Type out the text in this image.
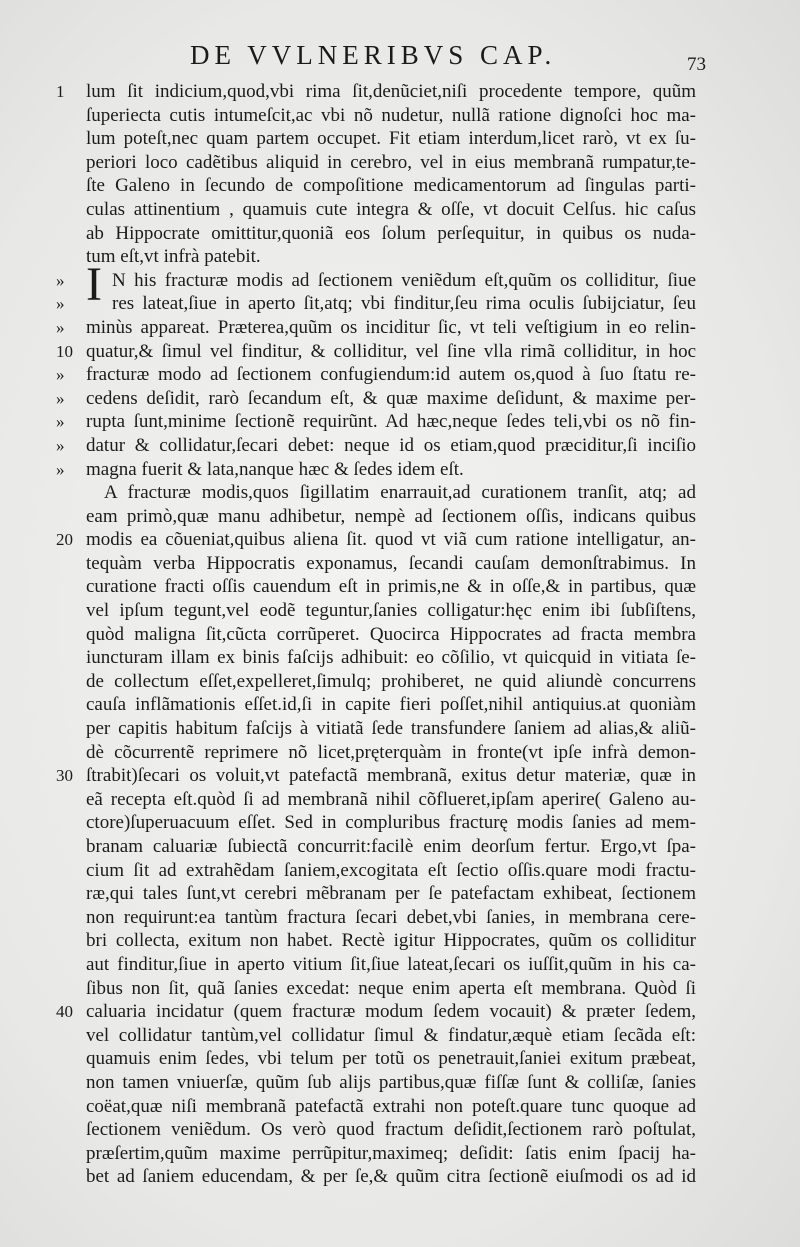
DE VVLNERIBVS CAP.	73
I
1	lum ſit indicium,quod,vbi rima ſit,denũciet,niſi procedente tempore, quũm
ſuperiecta cutis intumeſcit,ac vbi nõ nudetur, nullã ratione dignoſci hoc ma-
lum poteſt,nec quam partem occupet. Fit etiam interdum,licet rarò, vt ex ſu-
periori loco cadẽtibus aliquid in cerebro, vel in eius membranã rumpatur,te-
ſte Galeno in ſecundo de compoſitione medicamentorum ad ſingulas parti-
culas attinentium , quamuis cute integra & oſſe, vt docuit Celſus. hic caſus
ab Hippocrate omittitur,quoniã eos ſolum perſequitur, in quibus os nuda-
tum eſt,vt infrà patebit.
»	N his fracturæ modis ad ſectionem veniẽdum eſt,quũm os colliditur, ſiue
»	res lateat,ſiue in aperto ſit,atq; vbi finditur,ſeu rima oculis ſubijciatur, ſeu
»	minùs appareat. Præterea,quũm os inciditur ſic, vt teli veſtigium in eo relin-
10 quatur,& ſimul vel finditur, & colliditur, vel ſine vlla rimã colliditur, in hoc
»	fracturæ modo ad ſectionem confugiendum:id autem os,quod à ſuo ſtatu re-
»	cedens deſidit, rarò ſecandum eſt, & quæ maxime deſidunt, & maxime per-
»	rupta ſunt,minime ſectionẽ requirũnt. Ad hæc,neque ſedes teli,vbi os nõ fin-
»	datur & collidatur,ſecari debet: neque id os etiam,quod præciditur,ſi inciſio
»	magna fuerit & lata,nanque hæc & ſedes idem eſt.
A fracturæ modis,quos ſigillatim enarrauit,ad curationem tranſit, atq; ad
eam primò,quæ manu adhibetur, nempè ad ſectionem oſſis, indicans quibus
20 modis ea cõueniat,quibus aliena ſit. quod vt viã cum ratione intelligatur, an-
tequàm verba Hippocratis exponamus, ſecandi cauſam demonſtrabimus. In
curatione fracti oſſis cauendum eſt in primis,ne & in oſſe,& in partibus, quæ
vel ipſum tegunt,vel eodẽ teguntur,ſanies colligatur:hęc enim ibi ſubſiſtens,
quòd maligna ſit,cũcta corrũperet. Quocirca Hippocrates ad fracta membra
iuncturam illam ex binis faſcijs adhibuit: eo cõſilio, vt quicquid in vitiata ſe-
de collectum eſſet,expelleret,ſimulq; prohiberet, ne quid aliundè concurrens
cauſa inflãmationis eſſet.id,ſi in capite fieri poſſet,nihil antiquius.at quoniàm
per capitis habitum faſcijs à vitiatã ſede transfundere ſaniem ad alias,& aliũ-
dè cõcurrentẽ reprimere nõ licet,pręterquàm in fronte(vt ipſe infrà demon-
30 ſtrabit)ſecari os voluit,vt patefactã membranã, exitus detur materiæ, quæ in
eã recepta eſt.quòd ſi ad membranã nihil cõflueret,ipſam aperire( Galeno au-
ctore)ſuperuacuum eſſet. Sed in compluribus fracturę modis ſanies ad mem-
branam caluariæ ſubiectã concurrit:facilè enim deorſum fertur. Ergo,vt ſpa-
cium ſit ad extrahẽdam ſaniem,excogitata eſt ſectio oſſis.quare modi fractu-
ræ,qui tales ſunt,vt cerebri mẽbranam per ſe patefactam exhibeat, ſectionem
non requirunt:ea tantùm fractura ſecari debet,vbi ſanies, in membrana cere-
bri collecta, exitum non habet. Rectè igitur Hippocrates, quũm os colliditur
aut finditur,ſiue in aperto vitium ſit,ſiue lateat,ſecari os iuſſit,quũm in his ca-
ſibus non ſit, quã ſanies excedat: neque enim aperta eſt membrana. Quòd ſi
40 caluaria incidatur (quem fracturæ modum ſedem vocauit) & præter ſedem,
vel collidatur tantùm,vel collidatur ſimul & findatur,æquè etiam ſecãda eſt:
quamuis enim ſedes, vbi telum per totũ os penetrauit,ſaniei exitum præbeat,
non tamen vniuerſæ, quũm ſub alijs partibus,quæ fiſſæ ſunt & colliſæ, ſanies
coëat,quæ niſi membranã patefactã extrahi non poteſt.quare tunc quoque ad
ſectionem veniẽdum. Os verò quod fractum deſidit,ſectionem rarò poſtulat,
præſertim,quũm maxime perrũpitur,maximeq; deſidit: ſatis enim ſpacij ha-
bet ad ſaniem educendam, & per ſe,& quũm citra ſectionẽ eiuſmodi os ad id
